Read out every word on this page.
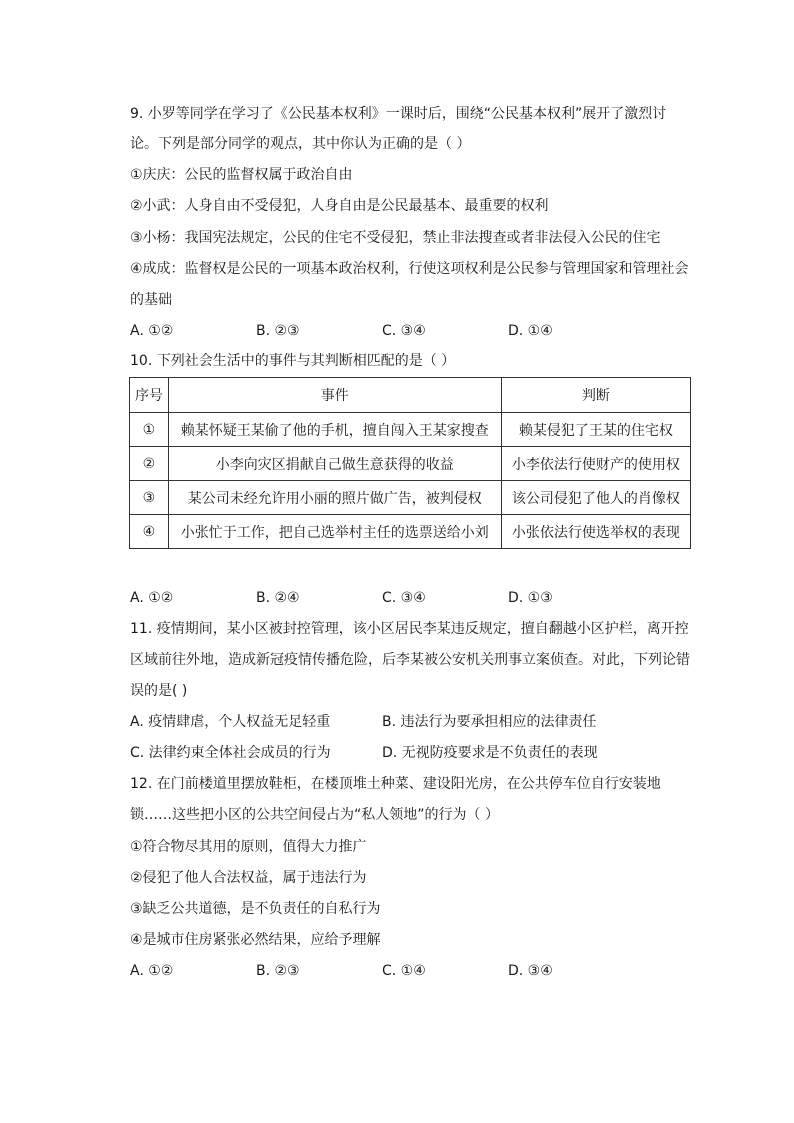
9. 小罗等同学在学习了《公民基本权利》一课时后，围绕“公民基本权利”展开了激烈讨
论。下列是部分同学的观点，其中你认为正确的是（ ）
①庆庆：公民的监督权属于政治自由
②小武：人身自由不受侵犯，人身自由是公民最基本、最重要的权利
③小杨：我国宪法规定，公民的住宅不受侵犯，禁止非法搜查或者非法侵入公民的住宅
④成成：监督权是公民的一项基本政治权利，行使这项权利是公民参与管理国家和管理社会
的基础
A. ①②	B. ②③	C. ③④	D. ①④
10. 下列社会生活中的事件与其判断相匹配的是（ ）
序号	事件	判断
①	赖某怀疑王某偷了他的手机，擅自闯入王某家搜查	赖某侵犯了王某的住宅权
②	小李向灾区捐献自己做生意获得的收益	小李依法行使财产的使用权
③	某公司未经允许用小丽的照片做广告，被判侵权	该公司侵犯了他人的肖像权
④	小张忙于工作，把自己选举村主任的选票送给小刘	小张依法行使选举权的表现
A. ①②	B. ②④	C. ③④	D. ①③
11. 疫情期间，某小区被封控管理，该小区居民李某违反规定，擅自翻越小区护栏，离开控
区域前往外地，造成新冠疫情传播危险，后李某被公安机关刑事立案侦查。对此，下列论错
误的是( )
A. 疫情肆虐，个人权益无足轻重	B. 违法行为要承担相应的法律责任
C. 法律约束全体社会成员的行为	D. 无视防疫要求是不负责任的表现
12. 在门前楼道里摆放鞋柜，在楼顶堆土种菜、建设阳光房，在公共停车位自行安装地
锁……这些把小区的公共空间侵占为“私人领地”的行为（ ）
①符合物尽其用的原则，值得大力推广
②侵犯了他人合法权益，属于违法行为
③缺乏公共道德，是不负责任的自私行为
④是城市住房紧张必然结果，应给予理解
A. ①②	B. ②③	C. ①④	D. ③④
